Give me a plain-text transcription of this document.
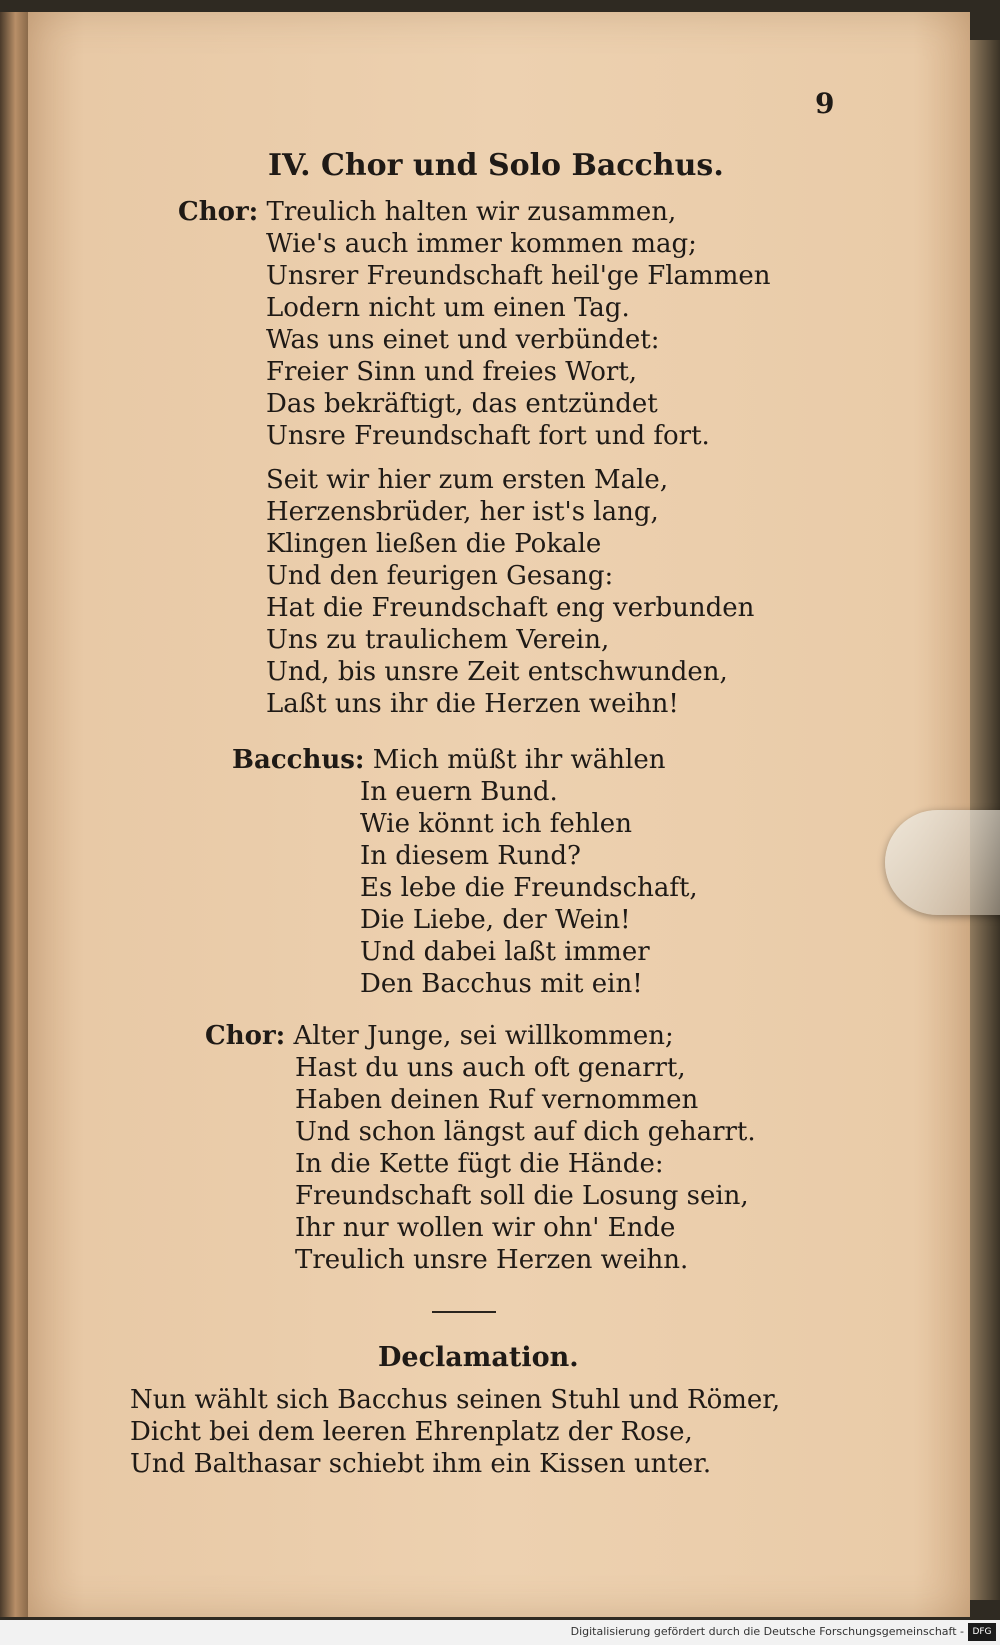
9
IV. Chor und Solo Bacchus.
Chor: Treulich halten wir zusammen,
Wie's auch immer kommen mag;
Unsrer Freundschaft heil'ge Flammen
Lodern nicht um einen Tag.
Was uns einet und verbündet:
Freier Sinn und freies Wort,
Das bekräftigt, das entzündet
Unsre Freundschaft fort und fort.
Seit wir hier zum ersten Male,
Herzensbrüder, her ist's lang,
Klingen ließen die Pokale
Und den feurigen Gesang:
Hat die Freundschaft eng verbunden
Uns zu traulichem Verein,
Und, bis unsre Zeit entschwunden,
Laßt uns ihr die Herzen weihn!
Bacchus: Mich müßt ihr wählen
In euern Bund.
Wie könnt ich fehlen
In diesem Rund?
Es lebe die Freundschaft,
Die Liebe, der Wein!
Und dabei laßt immer
Den Bacchus mit ein!
Chor: Alter Junge, sei willkommen;
Hast du uns auch oft genarrt,
Haben deinen Ruf vernommen
Und schon längst auf dich geharrt.
In die Kette fügt die Hände:
Freundschaft soll die Losung sein,
Ihr nur wollen wir ohn' Ende
Treulich unsre Herzen weihn.
Declamation.
Nun wählt sich Bacchus seinen Stuhl und Römer,
Dicht bei dem leeren Ehrenplatz der Rose,
Und Balthasar schiebt ihm ein Kissen unter.
Digitalisierung gefördert durch die Deutsche Forschungsgemeinschaft - DFG
